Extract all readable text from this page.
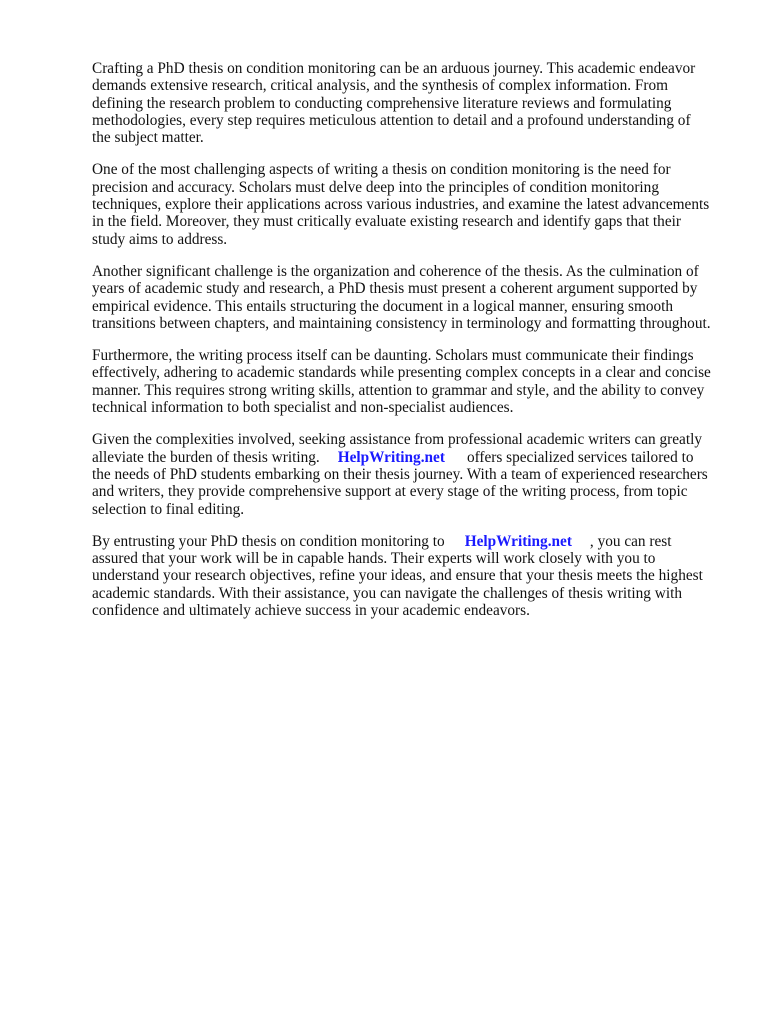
Crafting a PhD thesis on condition monitoring can be an arduous journey. This academic endeavor
demands extensive research, critical analysis, and the synthesis of complex information. From
defining the research problem to conducting comprehensive literature reviews and formulating
methodologies, every step requires meticulous attention to detail and a profound understanding of
the subject matter.

One of the most challenging aspects of writing a thesis on condition monitoring is the need for
precision and accuracy. Scholars must delve deep into the principles of condition monitoring
techniques, explore their applications across various industries, and examine the latest advancements
in the field. Moreover, they must critically evaluate existing research and identify gaps that their
study aims to address.

Another significant challenge is the organization and coherence of the thesis. As the culmination of
years of academic study and research, a PhD thesis must present a coherent argument supported by
empirical evidence. This entails structuring the document in a logical manner, ensuring smooth
transitions between chapters, and maintaining consistency in terminology and formatting throughout.

Furthermore, the writing process itself can be daunting. Scholars must communicate their findings
effectively, adhering to academic standards while presenting complex concepts in a clear and concise
manner. This requires strong writing skills, attention to grammar and style, and the ability to convey
technical information to both specialist and non-specialist audiences.

Given the complexities involved, seeking assistance from professional academic writers can greatly
alleviate the burden of thesis writing. HelpWriting.net offers specialized services tailored to
the needs of PhD students embarking on their thesis journey. With a team of experienced researchers
and writers, they provide comprehensive support at every stage of the writing process, from topic
selection to final editing.

By entrusting your PhD thesis on condition monitoring to HelpWriting.net , you can rest
assured that your work will be in capable hands. Their experts will work closely with you to
understand your research objectives, refine your ideas, and ensure that your thesis meets the highest
academic standards. With their assistance, you can navigate the challenges of thesis writing with
confidence and ultimately achieve success in your academic endeavors.
